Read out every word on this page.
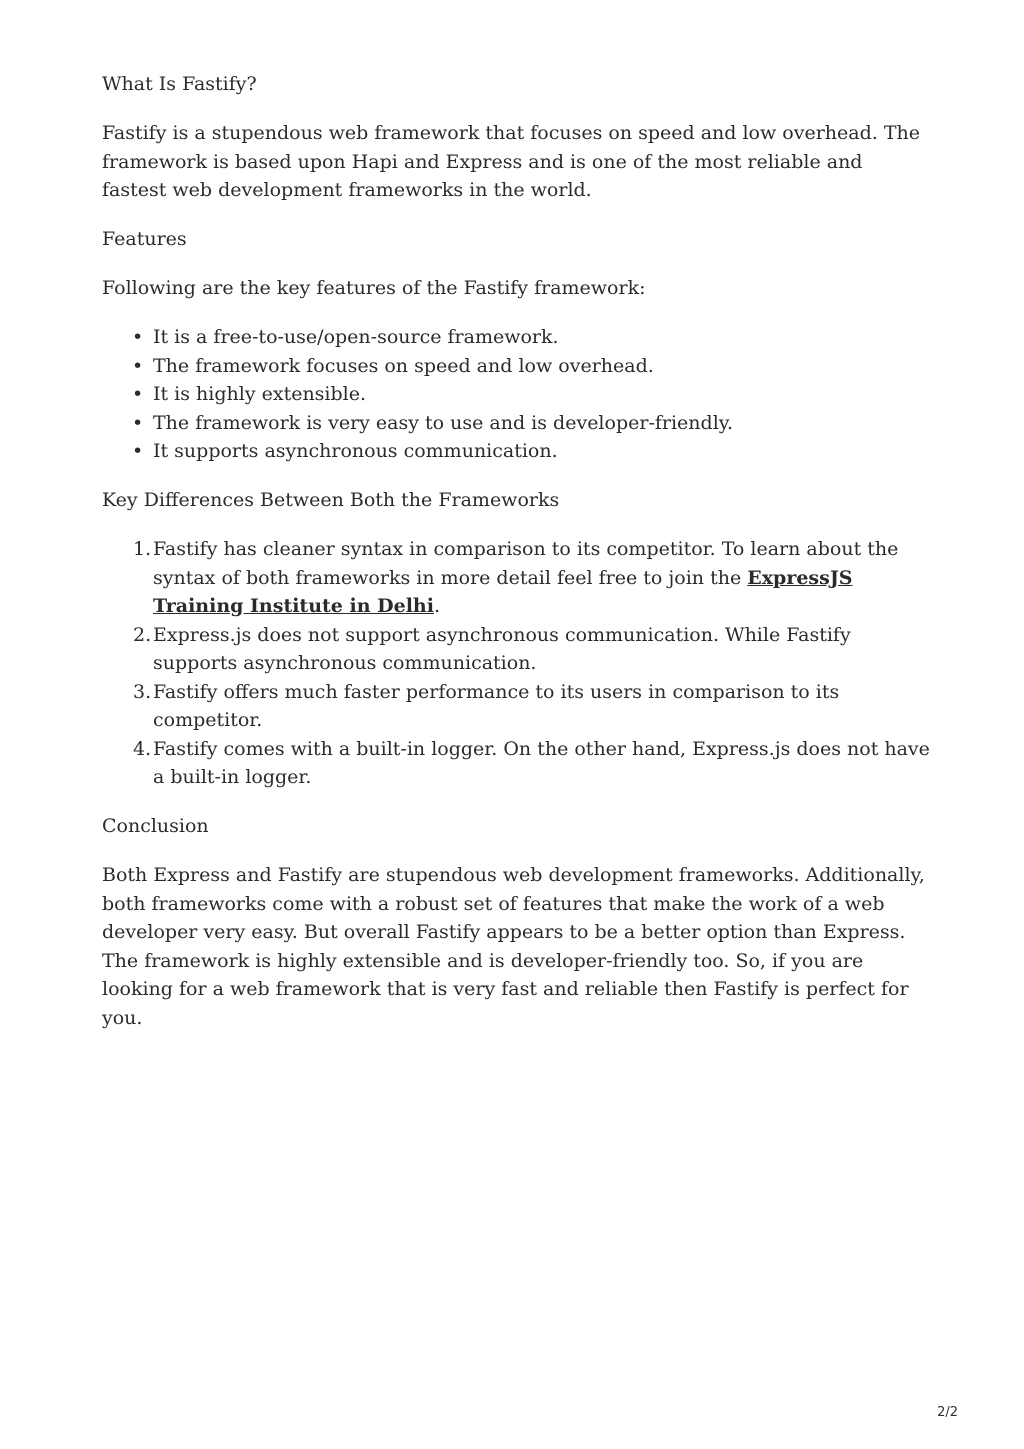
What Is Fastify?

Fastify is a stupendous web framework that focuses on speed and low overhead. The framework is based upon Hapi and Express and is one of the most reliable and fastest web development frameworks in the world.

Features

Following are the key features of the Fastify framework:

• It is a free-to-use/open-source framework.
• The framework focuses on speed and low overhead.
• It is highly extensible.
• The framework is very easy to use and is developer-friendly.
• It supports asynchronous communication.

Key Differences Between Both the Frameworks

1. Fastify has cleaner syntax in comparison to its competitor. To learn about the syntax of both frameworks in more detail feel free to join the ExpressJS Training Institute in Delhi.
2. Express.js does not support asynchronous communication. While Fastify supports asynchronous communication.
3. Fastify offers much faster performance to its users in comparison to its competitor.
4. Fastify comes with a built-in logger. On the other hand, Express.js does not have a built-in logger.

Conclusion

Both Express and Fastify are stupendous web development frameworks. Additionally, both frameworks come with a robust set of features that make the work of a web developer very easy. But overall Fastify appears to be a better option than Express. The framework is highly extensible and is developer-friendly too. So, if you are looking for a web framework that is very fast and reliable then Fastify is perfect for you.

2/2
